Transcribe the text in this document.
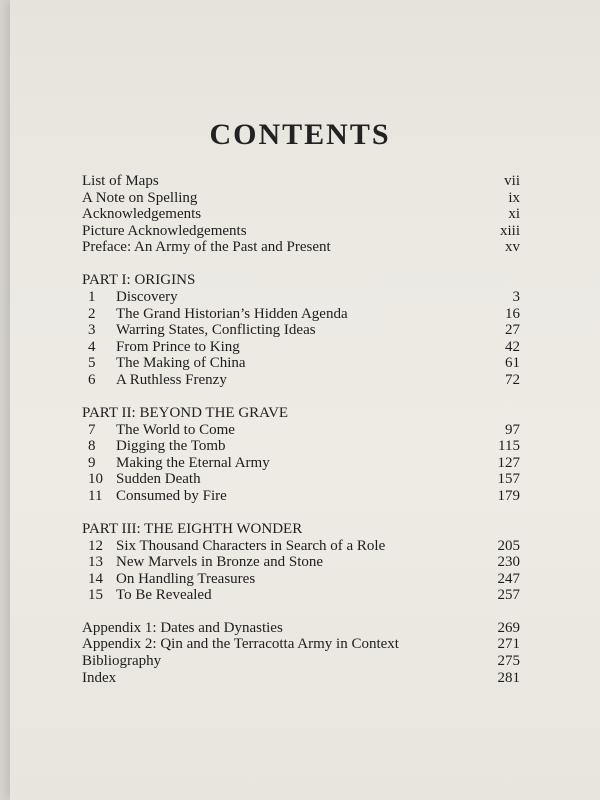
CONTENTS
List of Maps	vii
A Note on Spelling	ix
Acknowledgements	xi
Picture Acknowledgements	xiii
Preface: An Army of the Past and Present	xv
PART I: ORIGINS
1	Discovery	3
2	The Grand Historian’s Hidden Agenda	16
3	Warring States, Conflicting Ideas	27
4	From Prince to King	42
5	The Making of China	61
6	A Ruthless Frenzy	72
PART II: BEYOND THE GRAVE
7	The World to Come	97
8	Digging the Tomb	115
9	Making the Eternal Army	127
10 Sudden Death	157
11 Consumed by Fire	179
PART III: THE EIGHTH WONDER
12 Six Thousand Characters in Search of a Role	205
13 New Marvels in Bronze and Stone	230
14 On Handling Treasures	247
15 To Be Revealed	257
Appendix 1: Dates and Dynasties	269
Appendix 2: Qin and the Terracotta Army in Context	271
Bibliography	275
Index	281
